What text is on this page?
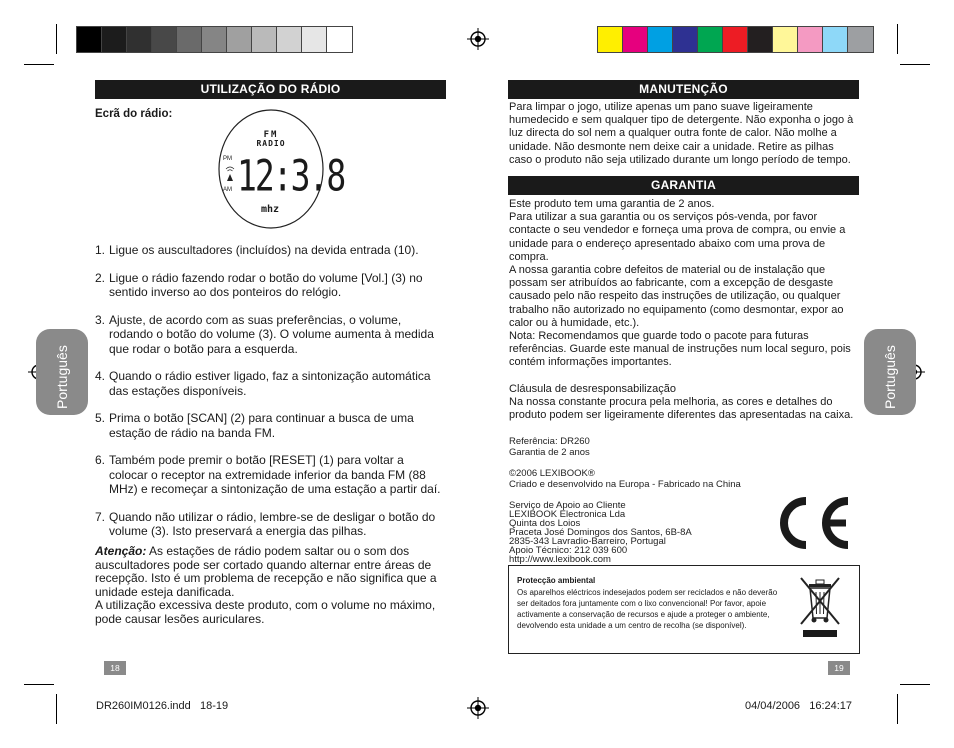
UTILIZAÇÃO DO RÁDIO
Ecrã do rádio:
FM
RADIO
PM
AM 12:3.8
mhz
1. Ligue os auscultadores (incluídos) na devida entrada (10).
2. Ligue o rádio fazendo rodar o botão do volume [Vol.] (3) no sentido inverso ao dos ponteiros do relógio.
3. Ajuste, de acordo com as suas preferências, o volume, rodando o botão do volume (3). O volume aumenta à medida que rodar o botão para a esquerda.
4. Quando o rádio estiver ligado, faz a sintonização automática das estações disponíveis.
5. Prima o botão [SCAN] (2) para continuar a busca de uma estação de rádio na banda FM.
6. Também pode premir o botão [RESET] (1) para voltar a colocar o receptor na extremidade inferior da banda FM (88 MHz) e recomeçar a sintonização de uma estação a partir daí.
7. Quando não utilizar o rádio, lembre-se de desligar o botão do volume (3). Isto preservará a energia das pilhas.
Atenção: As estações de rádio podem saltar ou o som dos auscultadores pode ser cortado quando alternar entre áreas de recepção. Isto é um problema de recepção e não significa que a unidade esteja danificada.
A utilização excessiva deste produto, com o volume no máximo, pode causar lesões auriculares.
Português
18
MANUTENÇÃO
Para limpar o jogo, utilize apenas um pano suave ligeiramente humedecido e sem qualquer tipo de detergente. Não exponha o jogo à luz directa do sol nem a qualquer outra fonte de calor. Não molhe a unidade. Não desmonte nem deixe cair a unidade. Retire as pilhas caso o produto não seja utilizado durante um longo período de tempo.
GARANTIA
Este produto tem uma garantia de 2 anos.
Para utilizar a sua garantia ou os serviços pós-venda, por favor contacte o seu vendedor e forneça uma prova de compra, ou envie a unidade para o endereço apresentado abaixo com uma prova de compra.
A nossa garantia cobre defeitos de material ou de instalação que possam ser atribuídos ao fabricante, com a excepção de desgaste causado pelo não respeito das instruções de utilização, ou qualquer trabalho não autorizado no equipamento (como desmontar, expor ao calor ou à humidade, etc.).
Nota: Recomendamos que guarde todo o pacote para futuras referências. Guarde este manual de instruções num local seguro, pois contém informações importantes.
Cláusula de desresponsabilização
Na nossa constante procura pela melhoria, as cores e detalhes do produto podem ser ligeiramente diferentes das apresentadas na caixa.
Referência: DR260
Garantia de 2 anos
©2006 LEXIBOOK®
Criado e desenvolvido na Europa - Fabricado na China
Serviço de Apoio ao Cliente
LEXIBOOK Electronica Lda
Quinta dos Loios
Praceta José Domingos dos Santos, 6B-8A
2835-343 Lavradio-Barreiro, Portugal
Apoio Técnico: 212 039 600
http://www.lexibook.com
Protecção ambiental
Os aparelhos eléctricos indesejados podem ser reciclados e não deverão ser deitados fora juntamente com o lixo convencional! Por favor, apoie activamente a conservação de recursos e ajude a proteger o ambiente, devolvendo esta unidade a um centro de recolha (se disponível).
Português
19
DR260IM0126.indd   18-19	04/04/2006   16:24:17
